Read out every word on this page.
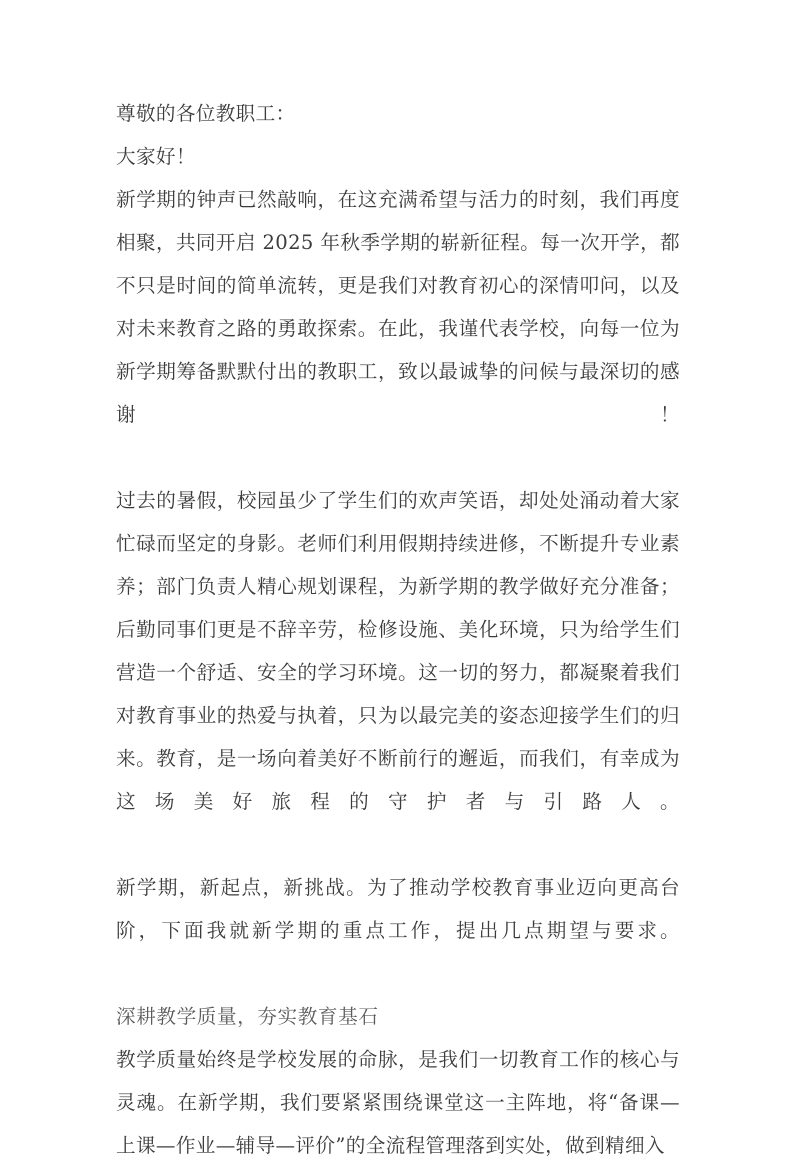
尊敬的各位教职工：

大家好！

新学期的钟声已然敲响，在这充满希望与活力的时刻，我们再度相聚，共同开启 2025 年秋季学期的崭新征程。每一次开学，都不只是时间的简单流转，更是我们对教育初心的深情叩问，以及对未来教育之路的勇敢探索。在此，我谨代表学校，向每一位为新学期筹备默默付出的教职工，致以最诚挚的问候与最深切的感谢！

过去的暑假，校园虽少了学生们的欢声笑语，却处处涌动着大家忙碌而坚定的身影。老师们利用假期持续进修，不断提升专业素养；部门负责人精心规划课程，为新学期的教学做好充分准备；后勤同事们更是不辞辛劳，检修设施、美化环境，只为给学生们营造一个舒适、安全的学习环境。这一切的努力，都凝聚着我们对教育事业的热爱与执着，只为以最完美的姿态迎接学生们的归来。教育，是一场向着美好不断前行的邂逅，而我们，有幸成为这场美好旅程的守护者与引路人。

新学期，新起点，新挑战。为了推动学校教育事业迈向更高台阶，下面我就新学期的重点工作，提出几点期望与要求。

深耕教学质量，夯实教育基石

教学质量始终是学校发展的命脉，是我们一切教育工作的核心与灵魂。在新学期，我们要紧紧围绕课堂这一主阵地，将“备课—上课—作业—辅导—评价”的全流程管理落到实处，做到精细入
